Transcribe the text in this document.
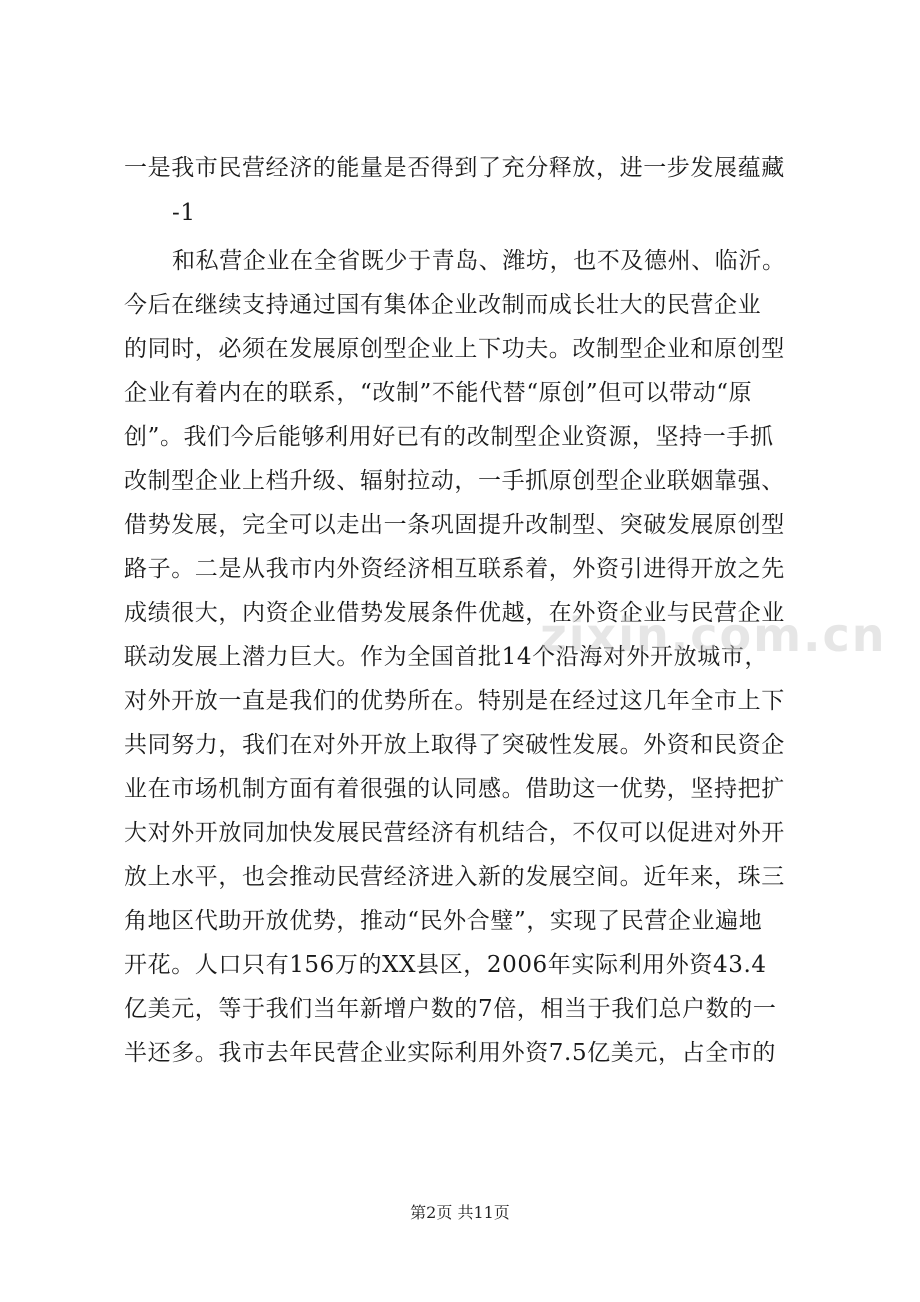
一是我市民营经济的能量是否得到了充分释放，进一步发展蕴藏
-1
和私营企业在全省既少于青岛、潍坊，也不及德州、临沂。
今后在继续支持通过国有集体企业改制而成长壮大的民营企业
的同时，必须在发展原创型企业上下功夫。改制型企业和原创型
企业有着内在的联系，“改制”不能代替“原创”但可以带动“原
创”。我们今后能够利用好已有的改制型企业资源，坚持一手抓
改制型企业上档升级、辐射拉动，一手抓原创型企业联姻靠强、
借势发展，完全可以走出一条巩固提升改制型、突破发展原创型
路子。二是从我市内外资经济相互联系着，外资引进得开放之先
成绩很大，内资企业借势发展条件优越，在外资企业与民营企业
联动发展上潜力巨大。作为全国首批14个沿海对外开放城市，
对外开放一直是我们的优势所在。特别是在经过这几年全市上下
共同努力，我们在对外开放上取得了突破性发展。外资和民资企
业在市场机制方面有着很强的认同感。借助这一优势，坚持把扩
大对外开放同加快发展民营经济有机结合，不仅可以促进对外开
放上水平，也会推动民营经济进入新的发展空间。近年来，珠三
角地区代助开放优势，推动“民外合璧”，实现了民营企业遍地
开花。人口只有156万的XX县区，2006年实际利用外资43.4
亿美元，等于我们当年新增户数的7倍，相当于我们总户数的一
半还多。我市去年民营企业实际利用外资7.5亿美元，占全市的
zixin.com.cn
第2页 共11页
